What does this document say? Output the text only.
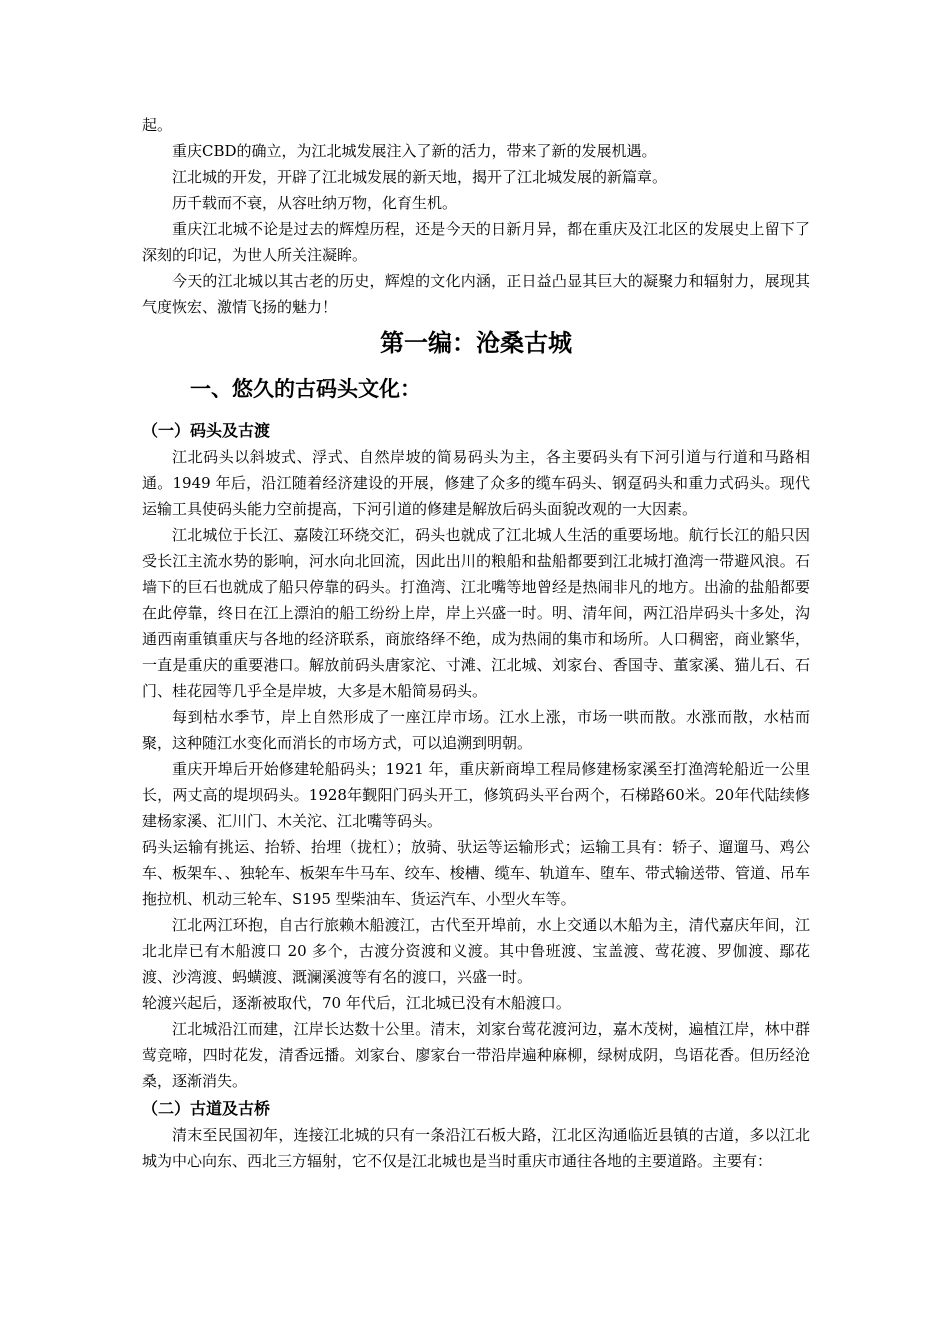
起。

重庆CBD的确立，为江北城发展注入了新的活力，带来了新的发展机遇。

江北城的开发，开辟了江北城发展的新天地，揭开了江北城发展的新篇章。

历千载而不衰，从容吐纳万物，化育生机。

重庆江北城不论是过去的辉煌历程，还是今天的日新月异，都在重庆及江北区的发展史上留下了深刻的印记，为世人所关注凝眸。

今天的江北城以其古老的历史，辉煌的文化内涵，正日益凸显其巨大的凝聚力和辐射力，展现其气度恢宏、激情飞扬的魅力！

第一编：沧桑古城
一、悠久的古码头文化：
（一）码头及古渡

江北码头以斜坡式、浮式、自然岸坡的简易码头为主，各主要码头有下河引道与行道和马路相通。1949 年后，沿江随着经济建设的开展，修建了众多的缆车码头、钢趸码头和重力式码头。现代运输工具使码头能力空前提高，下河引道的修建是解放后码头面貌改观的一大因素。

江北城位于长江、嘉陵江环绕交汇，码头也就成了江北城人生活的重要场地。航行长江的船只因受长江主流水势的影响，河水向北回流，因此出川的粮船和盐船都要到江北城打渔湾一带避风浪。石墙下的巨石也就成了船只停靠的码头。打渔湾、江北嘴等地曾经是热闹非凡的地方。出渝的盐船都要在此停靠，终日在江上漂泊的船工纷纷上岸，岸上兴盛一时。明、清年间，两江沿岸码头十多处，沟通西南重镇重庆与各地的经济联系，商旅络绎不绝，成为热闹的集市和场所。人口稠密，商业繁华，一直是重庆的重要港口。解放前码头唐家沱、寸滩、江北城、刘家台、香国寺、董家溪、猫儿石、石门、桂花园等几乎全是岸坡，大多是木船简易码头。

每到枯水季节，岸上自然形成了一座江岸市场。江水上涨，市场一哄而散。水涨而散，水枯而聚，这种随江水变化而消长的市场方式，可以追溯到明朝。

重庆开埠后开始修建轮船码头；1921 年，重庆新商埠工程局修建杨家溪至打渔湾轮船近一公里长，两丈高的堤坝码头。1928年觐阳门码头开工，修筑码头平台两个，石梯路60米。20年代陆续修建杨家溪、汇川门、木关沱、江北嘴等码头。

码头运输有挑运、抬轿、抬埋（拢杠）；放骑、驮运等运输形式；运输工具有：轿子、遛遛马、鸡公车、板架车、、独轮车、板架车牛马车、绞车、梭槽、缆车、轨道车、堕车、带式输送带、管道、吊车拖拉机、机动三轮车、S195 型柴油车、货运汽车、小型火车等。

江北两江环抱，自古行旅赖木船渡江，古代至开埠前，水上交通以木船为主，清代嘉庆年间，江北北岸已有木船渡口 20 多个，古渡分资渡和义渡。其中鲁班渡、宝盖渡、莺花渡、罗伽渡、鄢花渡、沙湾渡、蚂蟥渡、溉澜溪渡等有名的渡口，兴盛一时。

轮渡兴起后，逐渐被取代，70 年代后，江北城已没有木船渡口。

江北城沿江而建，江岸长达数十公里。清末，刘家台莺花渡河边，嘉木茂树，遍植江岸，林中群莺竞啼，四时花发，清香远播。刘家台、廖家台一带沿岸遍种麻柳，绿树成阴，鸟语花香。但历经沧桑，逐渐消失。

（二）古道及古桥

清末至民国初年，连接江北城的只有一条沿江石板大路，江北区沟通临近县镇的古道，多以江北城为中心向东、西北三方辐射，它不仅是江北城也是当时重庆市通往各地的主要道路。主要有：
